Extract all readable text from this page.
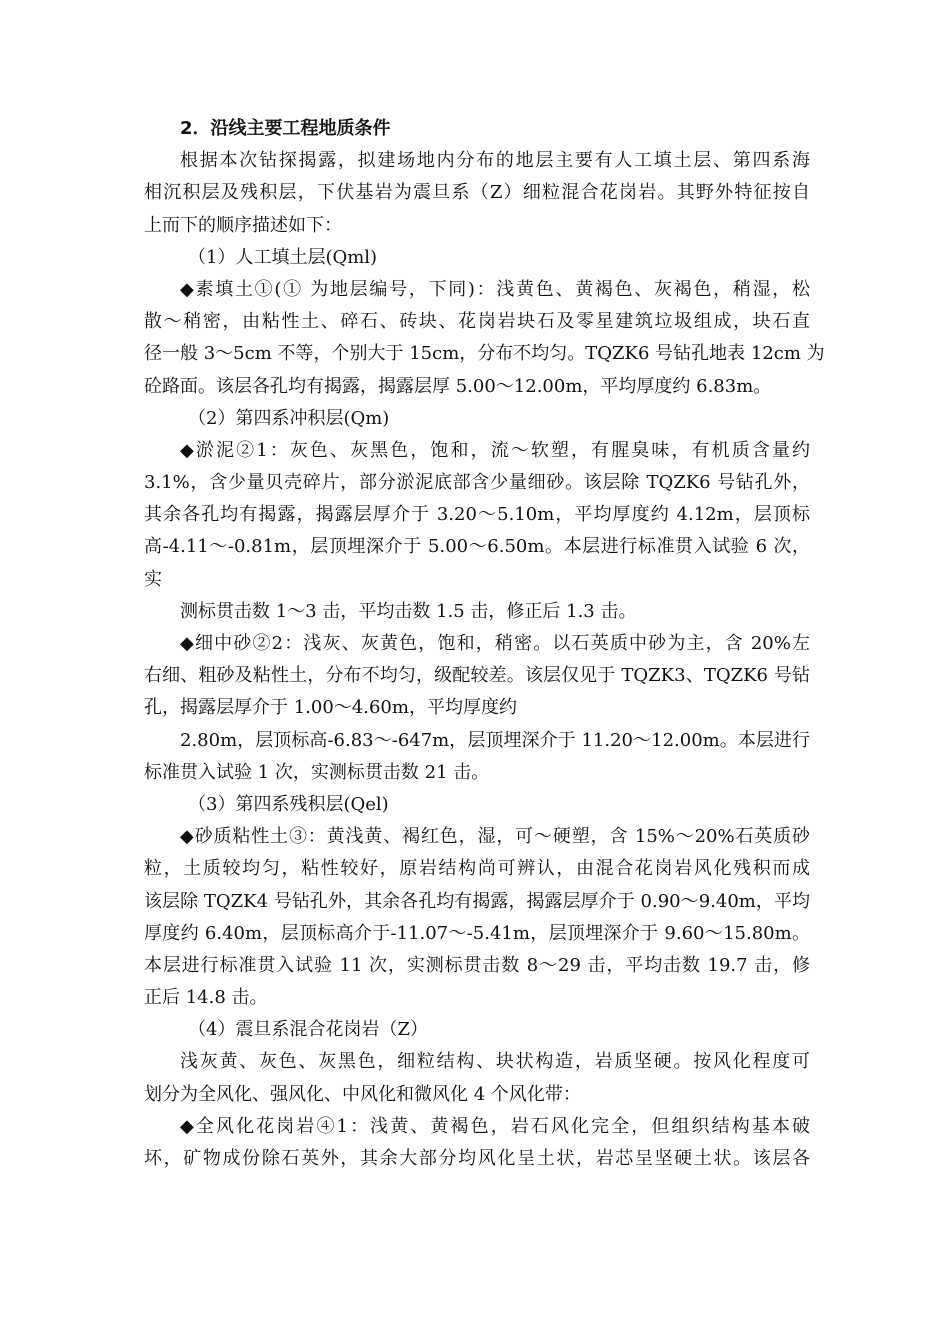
2．沿线主要工程地质条件
根据本次钻探揭露，拟建场地内分布的地层主要有人工填土层、第四系海
相沉积层及残积层，下伏基岩为震旦系（Z）细粒混合花岗岩。其野外特征按自
上而下的顺序描述如下：
（1）人工填土层(Qml)
◆素填土①(① 为地层编号，下同)：浅黄色、黄褐色、灰褐色，稍湿，松
散～稍密，由粘性土、碎石、砖块、花岗岩块石及零星建筑垃圾组成，块石直
径一般 3～5cm 不等，个别大于 15cm，分布不均匀。TQZK6 号钻孔地表 12cm 为
砼路面。该层各孔均有揭露，揭露层厚 5.00～12.00m，平均厚度约 6.83m。
（2）第四系冲积层(Qm)
◆淤泥②1：灰色、灰黑色，饱和，流～软塑，有腥臭味，有机质含量约
3.1%，含少量贝壳碎片，部分淤泥底部含少量细砂。该层除 TQZK6 号钻孔外，
其余各孔均有揭露，揭露层厚介于 3.20～5.10m，平均厚度约 4.12m，层顶标
高-4.11～-0.81m，层顶埋深介于 5.00～6.50m。本层进行标准贯入试验 6 次，
实
测标贯击数 1～3 击，平均击数 1.5 击，修正后 1.3 击。
◆细中砂②2：浅灰、灰黄色，饱和，稍密。以石英质中砂为主，含 20%左
右细、粗砂及粘性土，分布不均匀，级配较差。该层仅见于 TQZK3、TQZK6 号钻
孔，揭露层厚介于 1.00～4.60m，平均厚度约
2.80m，层顶标高-6.83～-647m，层顶埋深介于 11.20～12.00m。本层进行
标准贯入试验 1 次，实测标贯击数 21 击。
（3）第四系残积层(Qel)
◆砂质粘性土③：黄浅黄、褐红色，湿，可～硬塑，含 15%～20%石英质砂
粒，土质较均匀，粘性较好，原岩结构尚可辨认，由混合花岗岩风化残积而成
该层除 TQZK4 号钻孔外，其余各孔均有揭露，揭露层厚介于 0.90～9.40m，平均
厚度约 6.40m，层顶标高介于-11.07～-5.41m，层顶埋深介于 9.60～15.80m。
本层进行标准贯入试验 11 次，实测标贯击数 8～29 击，平均击数 19.7 击，修
正后 14.8 击。
（4）震旦系混合花岗岩（Z）
浅灰黄、灰色、灰黑色，细粒结构、块状构造，岩质坚硬。按风化程度可
划分为全风化、强风化、中风化和微风化 4 个风化带：
◆全风化花岗岩④1：浅黄、黄褐色，岩石风化完全，但组织结构基本破
坏，矿物成份除石英外，其余大部分均风化呈土状，岩芯呈坚硬土状。该层各
